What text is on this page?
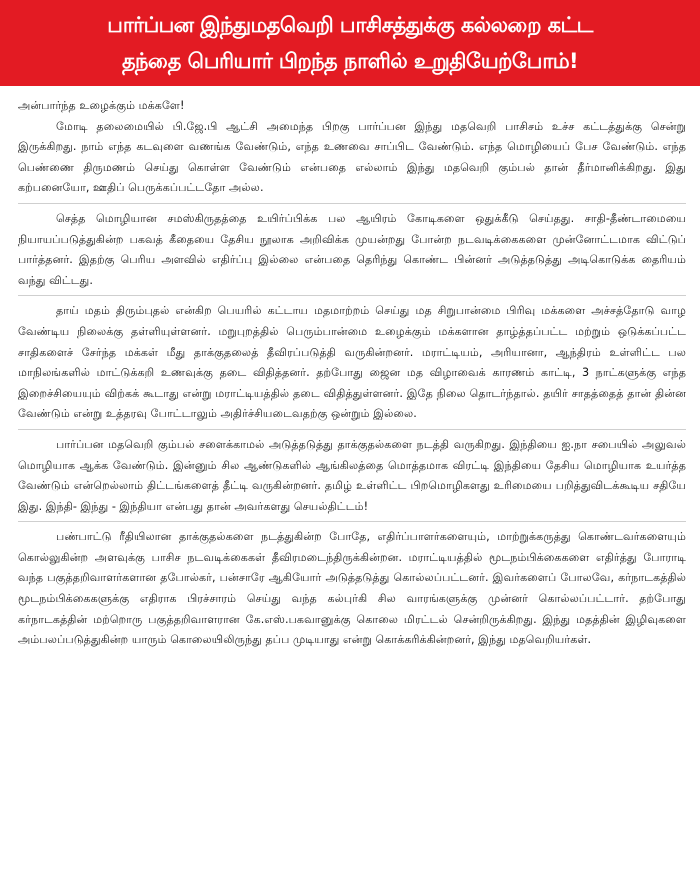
பார்ப்பன இந்துமதவெறி பாசிசத்துக்கு கல்லறை கட்ட
தந்தை பெரியார் பிறந்த நாளில் உறுதியேற்போம்!

அன்பார்ந்த உழைக்கும் மக்களே!

மோடி தலைமையில் பி.ஜே.பி ஆட்சி அமைந்த பிறகு பார்ப்பன இந்து மதவெறி பாசிசம் உச்ச கட்டத்துக்கு சென்று இருக்கிறது. நாம் எந்த கடவுளை வணங்க வேண்டும், எந்த உணவை சாப்பிட வேண்டும். எந்த மொழியைப் பேச வேண்டும். எந்த பெண்ணை திருமணம் செய்து கொள்ள வேண்டும் என்பதை எல்லாம் இந்து மதவெறி கும்பல் தான் தீர்மானிக்கிறது. இது கற்பனையோ, ஊதிப் பெருக்கப்பட்டதோ அல்ல.

செத்த மொழியான சமஸ்கிருதத்தை உயிர்ப்பிக்க பல ஆயிரம் கோடிகளை ஒதுக்கீடு செய்தது. சாதி-தீண்டாமையை நியாயப்படுத்துகின்ற பகவத் கீதையை தேசிய நூலாக அறிவிக்க முயன்றது போன்ற நடவடிக்கைகளை முன்னோட்டமாக விட்டுப் பார்த்தனர். இதற்கு பெரிய அளவில் எதிர்ப்பு இல்லை என்பதை தெரிந்து கொண்ட பின்னர் அடுத்தடுத்து அடிகொடுக்க தைரியம் வந்து விட்டது.

தாய் மதம் திரும்புதல் என்கிற பெயரில் கட்டாய மதமாற்றம் செய்து மத சிறுபான்மை பிரிவு மக்களை அச்சத்தோடு வாழ வேண்டிய நிலைக்கு தள்ளியுள்ளனர். மறுபுறத்தில் பெரும்பான்மை உழைக்கும் மக்களான தாழ்த்தப்பட்ட மற்றும் ஒடுக்கப்பட்ட சாதிகளைச் சேர்ந்த மக்கள் மீது தாக்குதலைத் தீவிரப்படுத்தி வருகின்றனர். மராட்டியம், அரியானா, ஆந்திரம் உள்ளிட்ட பல மாநிலங்களில் மாட்டுக்கறி உணவுக்கு தடை விதித்தனர். தற்போது ஜைன மத விழாவைக் காரணம் காட்டி, 3 நாட்களுக்கு எந்த இறைச்சியையும் விற்கக் கூடாது என்று மராட்டியத்தில் தடை விதித்துள்ளனர். இதே நிலை தொடர்ந்தால். தயிர் சாதத்தைத் தான் தின்ன வேண்டும் என்று உத்தரவு போட்டாலும் அதிர்ச்சியடைவதற்கு ஒன்றும் இல்லை.

பார்ப்பன மதவெறி கும்பல் சளைக்காமல் அடுத்தடுத்து தாக்குதல்களை நடத்தி வருகிறது. இந்தியை ஐ.நா சபையில் அலுவல் மொழியாக ஆக்க வேண்டும். இன்னும் சில ஆண்டுகளில் ஆங்கிலத்தை மொத்தமாக விரட்டி இந்தியை தேசிய மொழியாக உயர்த்த வேண்டும் என்றெல்லாம் திட்டங்களைத் தீட்டி வருகின்றனர். தமிழ் உள்ளிட்ட பிறமொழிகளது உரிமையை பறித்துவிடக்கூடிய சதியே இது. இந்தி- இந்து - இந்தியா என்பது தான் அவர்களது செயல்திட்டம்!

பண்பாட்டு ரீதியிலான தாக்குதல்களை நடத்துகின்ற போதே, எதிர்ப்பாளர்களையும், மாற்றுக்கருத்து கொண்டவர்களையும் கொல்லுகின்ற அளவுக்கு பாசிச நடவடிக்கைகள் தீவிரமடைந்திருக்கின்றன. மராட்டியத்தில் மூடநம்பிக்கைகளை எதிர்த்து போராடி வந்த பகுத்தறிவாளர்களான தபோல்கர், பன்சாரே ஆகியோர் அடுத்தடுத்து கொல்லப்பட்டனர். இவர்களைப் போலவே, கர்நாடகத்தில் மூடநம்பிக்கைகளுக்கு எதிராக பிரச்சாரம் செய்து வந்த கல்புர்கி சில வாரங்களுக்கு முன்னர் கொல்லப்பட்டார். தற்போது கர்நாடகத்தின் மற்றொரு பகுத்தறிவாளரான கே.எஸ்.பகவானுக்கு கொலை மிரட்டல் சென்றிருக்கிறது. இந்து மதத்தின் இழிவுகளை அம்பலப்படுத்துகின்ற யாரும் கொலையிலிருந்து தப்ப முடியாது என்று கொக்கரிக்கின்றனர், இந்து மதவெறியர்கள்.
